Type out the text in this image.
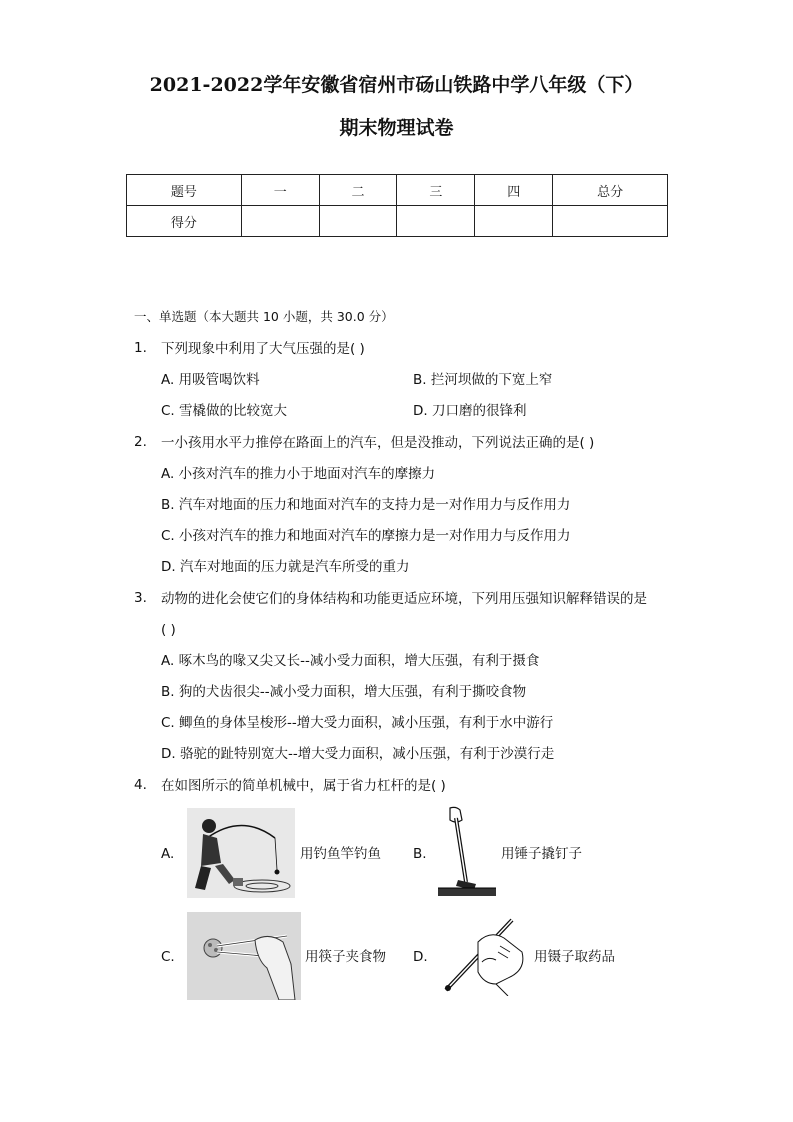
2021-2022学年安徽省宿州市砀山铁路中学八年级（下）
期末物理试卷
题号	一	二	三	四	总分
得分					
一、单选题（本大题共 10 小题，共 30.0 分）
1. 下列现象中利用了大气压强的是( )
A. 用吸管喝饮料	B. 拦河坝做的下宽上窄
C. 雪橇做的比较宽大	D. 刀口磨的很锋利
2. 一小孩用水平力推停在路面上的汽车，但是没推动，下列说法正确的是( )
A. 小孩对汽车的推力小于地面对汽车的摩擦力
B. 汽车对地面的压力和地面对汽车的支持力是一对作用力与反作用力
C. 小孩对汽车的推力和地面对汽车的摩擦力是一对作用力与反作用力
D. 汽车对地面的压力就是汽车所受的重力
3. 动物的进化会使它们的身体结构和功能更适应环境，下列用压强知识解释错误的是
( )
A. 啄木鸟的喙又尖又长--减小受力面积，增大压强，有利于摄食
B. 狗的犬齿很尖--减小受力面积，增大压强，有利于撕咬食物
C. 鲫鱼的身体呈梭形--增大受力面积，减小压强，有利于水中游行
D. 骆驼的趾特别宽大--增大受力面积，减小压强，有利于沙漠行走
4. 在如图所示的简单机械中，属于省力杠杆的是( )
A.	用钓鱼竿钓鱼 B.	用锤子撬钉子
C.	用筷子夹食物 D.	用镊子取药品
